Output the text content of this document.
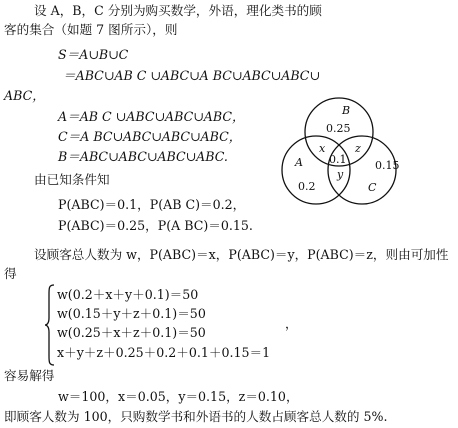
设 A，B，C 分别为购买数学，外语，理化类书的顾
客的集合（如题 7 图所示），则
S＝A∪B∪C
＝ABC∪AB C ∪ABC∪A BC∪ABC∪ABC∪
ABC，
A＝AB C ∪ABC∪ABC∪ABC，
C＝A BC∪ABC∪ABC∪ABC，
B＝ABC∪ABC∪ABC∪ABC.
由已知条件知
P(ABC)＝0.1，P(AB C)＝0.2，
P(ABC)＝0.25，P(A BC)＝0.15.
设顾客总人数为 w，P(ABC)＝x，P(ABC)＝y，P(ABC)＝z，则由可加性
得
w(0.2＋x＋y＋0.1)＝50
w(0.15＋y＋z＋0.1)＝50
w(0.25＋x＋z＋0.1)＝50
x＋y＋z＋0.25＋0.2＋0.1＋0.15＝1
，
容易解得
w＝100，x＝0.05，y＝0.15，z＝0.10，
即顾客人数为 100，只购数学书和外语书的人数占顾客总人数的 5%.
B
0.25
x	z
0.1
A	0.15
y
0.2	C
